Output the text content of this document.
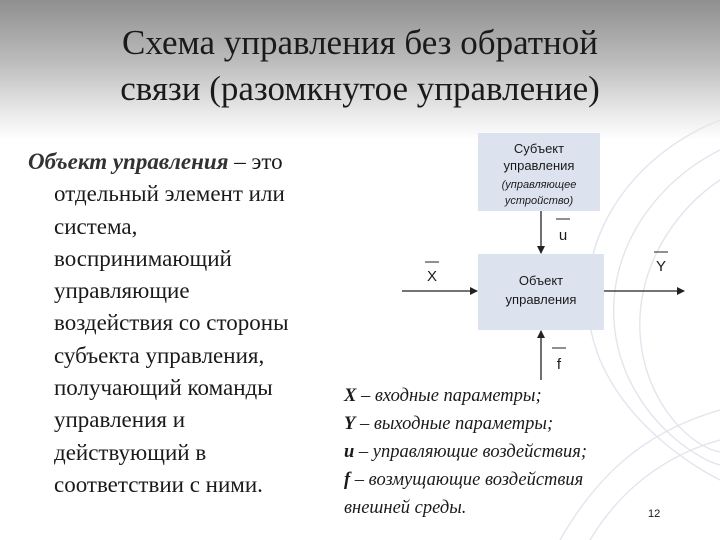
Схема управления без обратной
связи (разомкнутое управление)
Объект управления – это
отдельный элемент или
система,
воспринимающий
управляющие
воздействия со стороны
субъекта управления,
получающий команды
управления и
действующий в
соответствии с ними.
Субъект
управления
(управляющее
устройство)
Объект
управления
u
X
Y
f
X – входные параметры;
Y – выходные параметры;
u – управляющие воздействия;
f – возмущающие воздействия
внешней среды.	12
